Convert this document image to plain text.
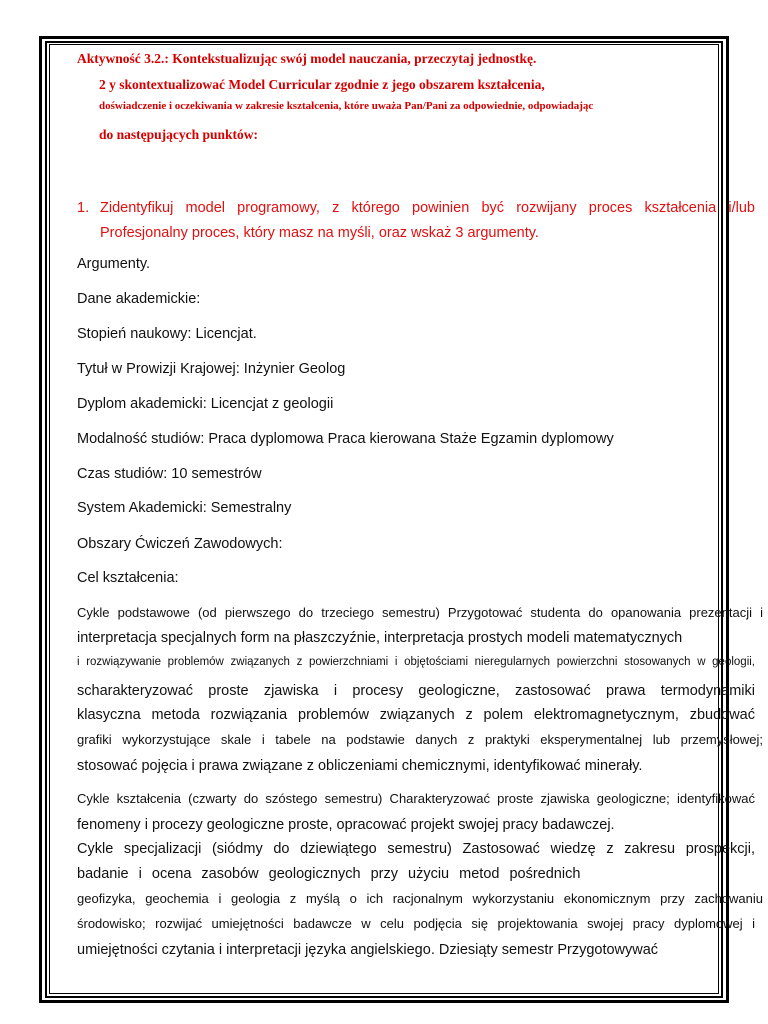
Aktywność 3.2.: Kontekstualizując swój model nauczania, przeczytaj jednostkę.
2 y skontextualizować Model Curricular zgodnie z jego obszarem kształcenia,
doświadczenie i oczekiwania w zakresie kształcenia, które uważa Pan/Pani za odpowiednie, odpowiadając
do następujących punktów:
1. Zidentyfikuj model programowy, z którego powinien być rozwijany proces kształcenia i/lub
Profesjonalny proces, który masz na myśli, oraz wskaż 3 argumenty.
Argumenty.
Dane akademickie:
Stopień naukowy: Licencjat.
Tytuł w Prowizji Krajowej: Inżynier Geolog
Dyplom akademicki: Licencjat z geologii
Modalność studiów: Praca dyplomowa Praca kierowana Staże Egzamin dyplomowy
Czas studiów: 10 semestrów
System Akademicki: Semestralny
Obszary Ćwiczeń Zawodowych:
Cel kształcenia:
Cykle podstawowe (od pierwszego do trzeciego semestru) Przygotować studenta do opanowania prezentacji i
interpretacja specjalnych form na płaszczyźnie, interpretacja prostych modeli matematycznych
i rozwiązywanie problemów związanych z powierzchniami i objętościami nieregularnych powierzchni stosowanych w geologii,
scharakteryzować proste zjawiska i procesy geologiczne, zastosować prawa termodynamiki
klasyczna metoda rozwiązania problemów związanych z polem elektromagnetycznym, zbudować
grafiki wykorzystujące skale i tabele na podstawie danych z praktyki eksperymentalnej lub przemysłowej;
stosować pojęcia i prawa związane z obliczeniami chemicznymi, identyfikować minerały.
Cykle kształcenia (czwarty do szóstego semestru) Charakteryzować proste zjawiska geologiczne; identyfikować
fenomeny i procezy geologiczne proste, opracować projekt swojej pracy badawczej.
Cykle specjalizacji (siódmy do dziewiątego semestru) Zastosować wiedzę z zakresu prospekcji,
badanie i ocena zasobów geologicznych przy użyciu metod pośrednich
geofizyka, geochemia i geologia z myślą o ich racjonalnym wykorzystaniu ekonomicznym przy zachowaniu
środowisko; rozwijać umiejętności badawcze w celu podjęcia się projektowania swojej pracy dyplomowej i
umiejętności czytania i interpretacji języka angielskiego. Dziesiąty semestr Przygotowywać
